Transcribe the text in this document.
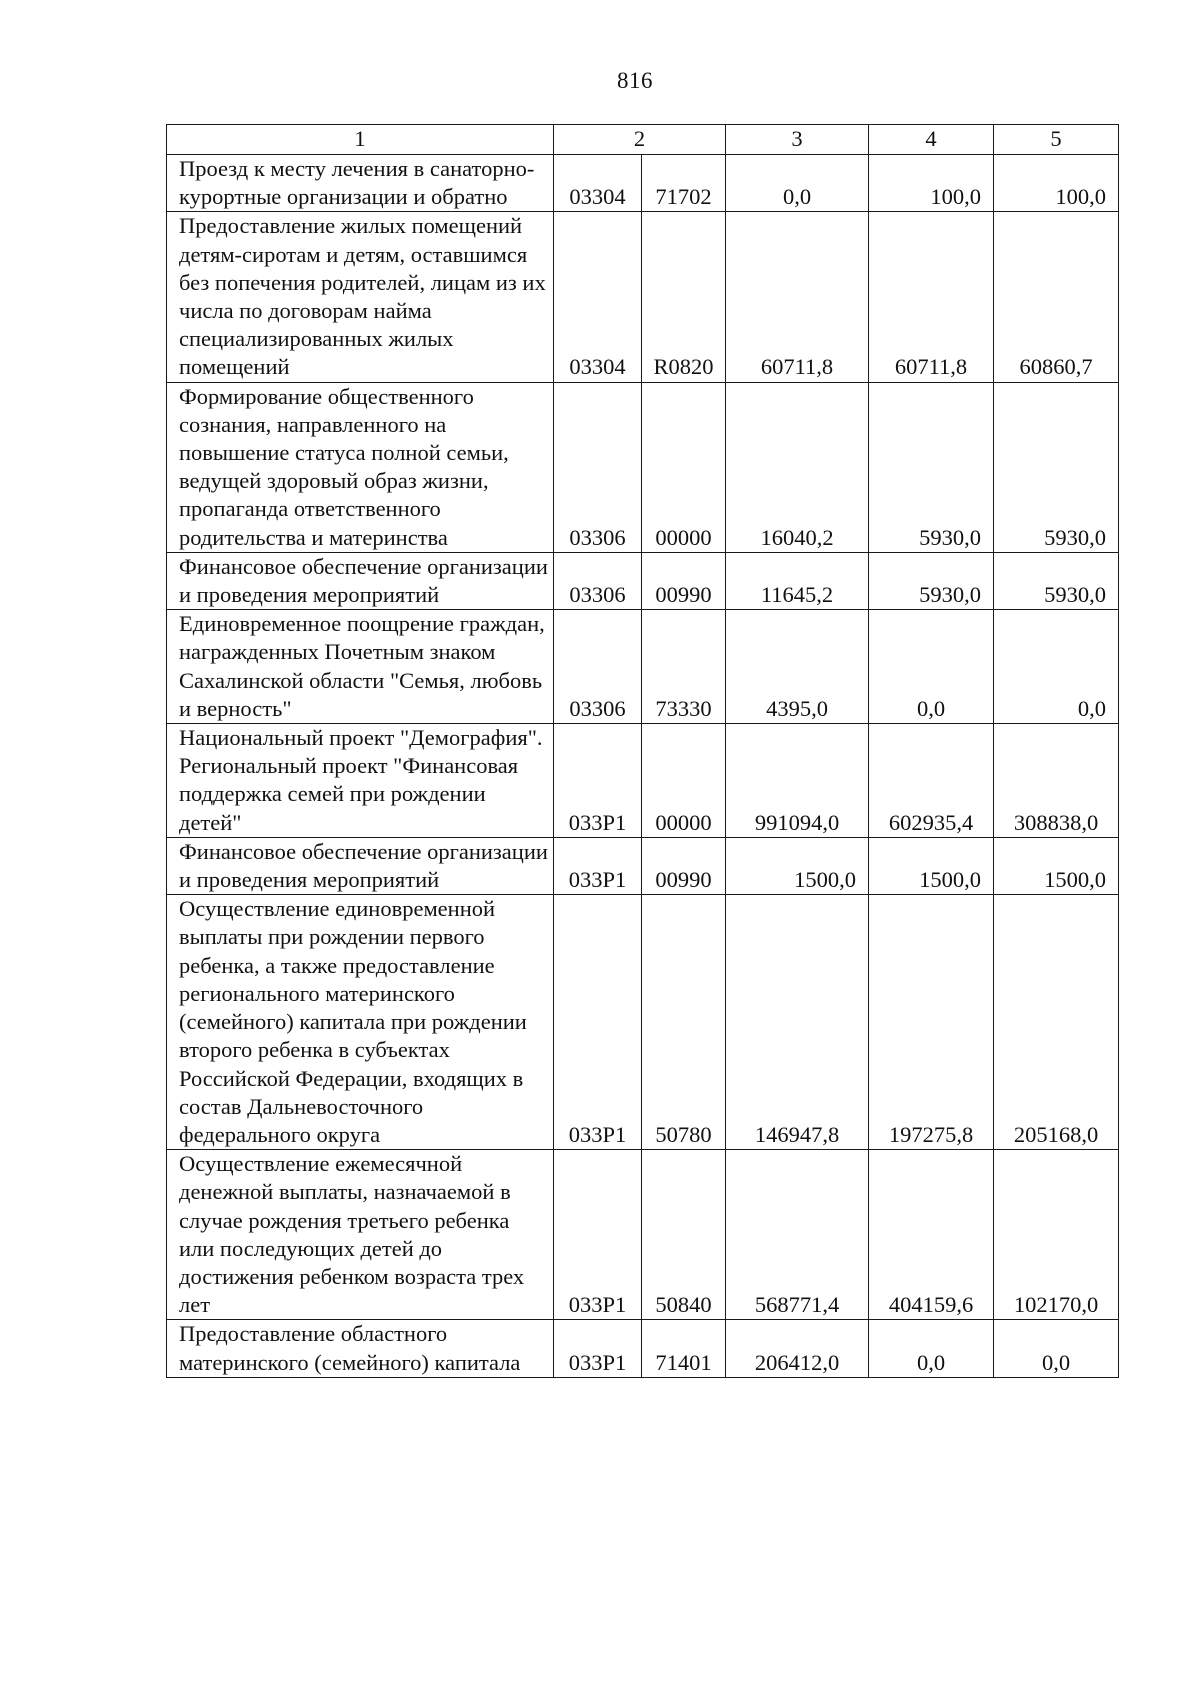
816
1	2		3	4	5
Проезд к месту лечения в санаторно-курортные организации и обратно	03304	71702	0,0	100,0	100,0
Предоставление жилых помещений детям-сиротам и детям, оставшимся без попечения родителей, лицам из их числа по договорам найма специализированных жилых помещений	03304	R0820	60711,8	60711,8	60860,7
Формирование общественного сознания, направленного на повышение статуса полной семьи, ведущей здоровый образ жизни, пропаганда ответственного родительства и материнства	03306	00000	16040,2	5930,0	5930,0
Финансовое обеспечение организации и проведения мероприятий	03306	00990	11645,2	5930,0	5930,0
Единовременное поощрение граждан, награжденных Почетным знаком Сахалинской области "Семья, любовь и верность"	03306	73330	4395,0	0,0	0,0
Национальный проект "Демография". Региональный проект "Финансовая поддержка семей при рождении детей"	033P1	00000	991094,0	602935,4	308838,0
Финансовое обеспечение организации и проведения мероприятий	033P1	00990	1500,0	1500,0	1500,0
Осуществление единовременной выплаты при рождении первого ребенка, а также предоставление регионального материнского (семейного) капитала при рождении второго ребенка в субъектах Российской Федерации, входящих в состав Дальневосточного федерального округа	033P1	50780	146947,8	197275,8	205168,0
Осуществление ежемесячной денежной выплаты, назначаемой в случае рождения третьего ребенка или последующих детей до достижения ребенком возраста трех лет	033P1	50840	568771,4	404159,6	102170,0
Предоставление областного материнского (семейного) капитала	033P1	71401	206412,0	0,0	0,0
